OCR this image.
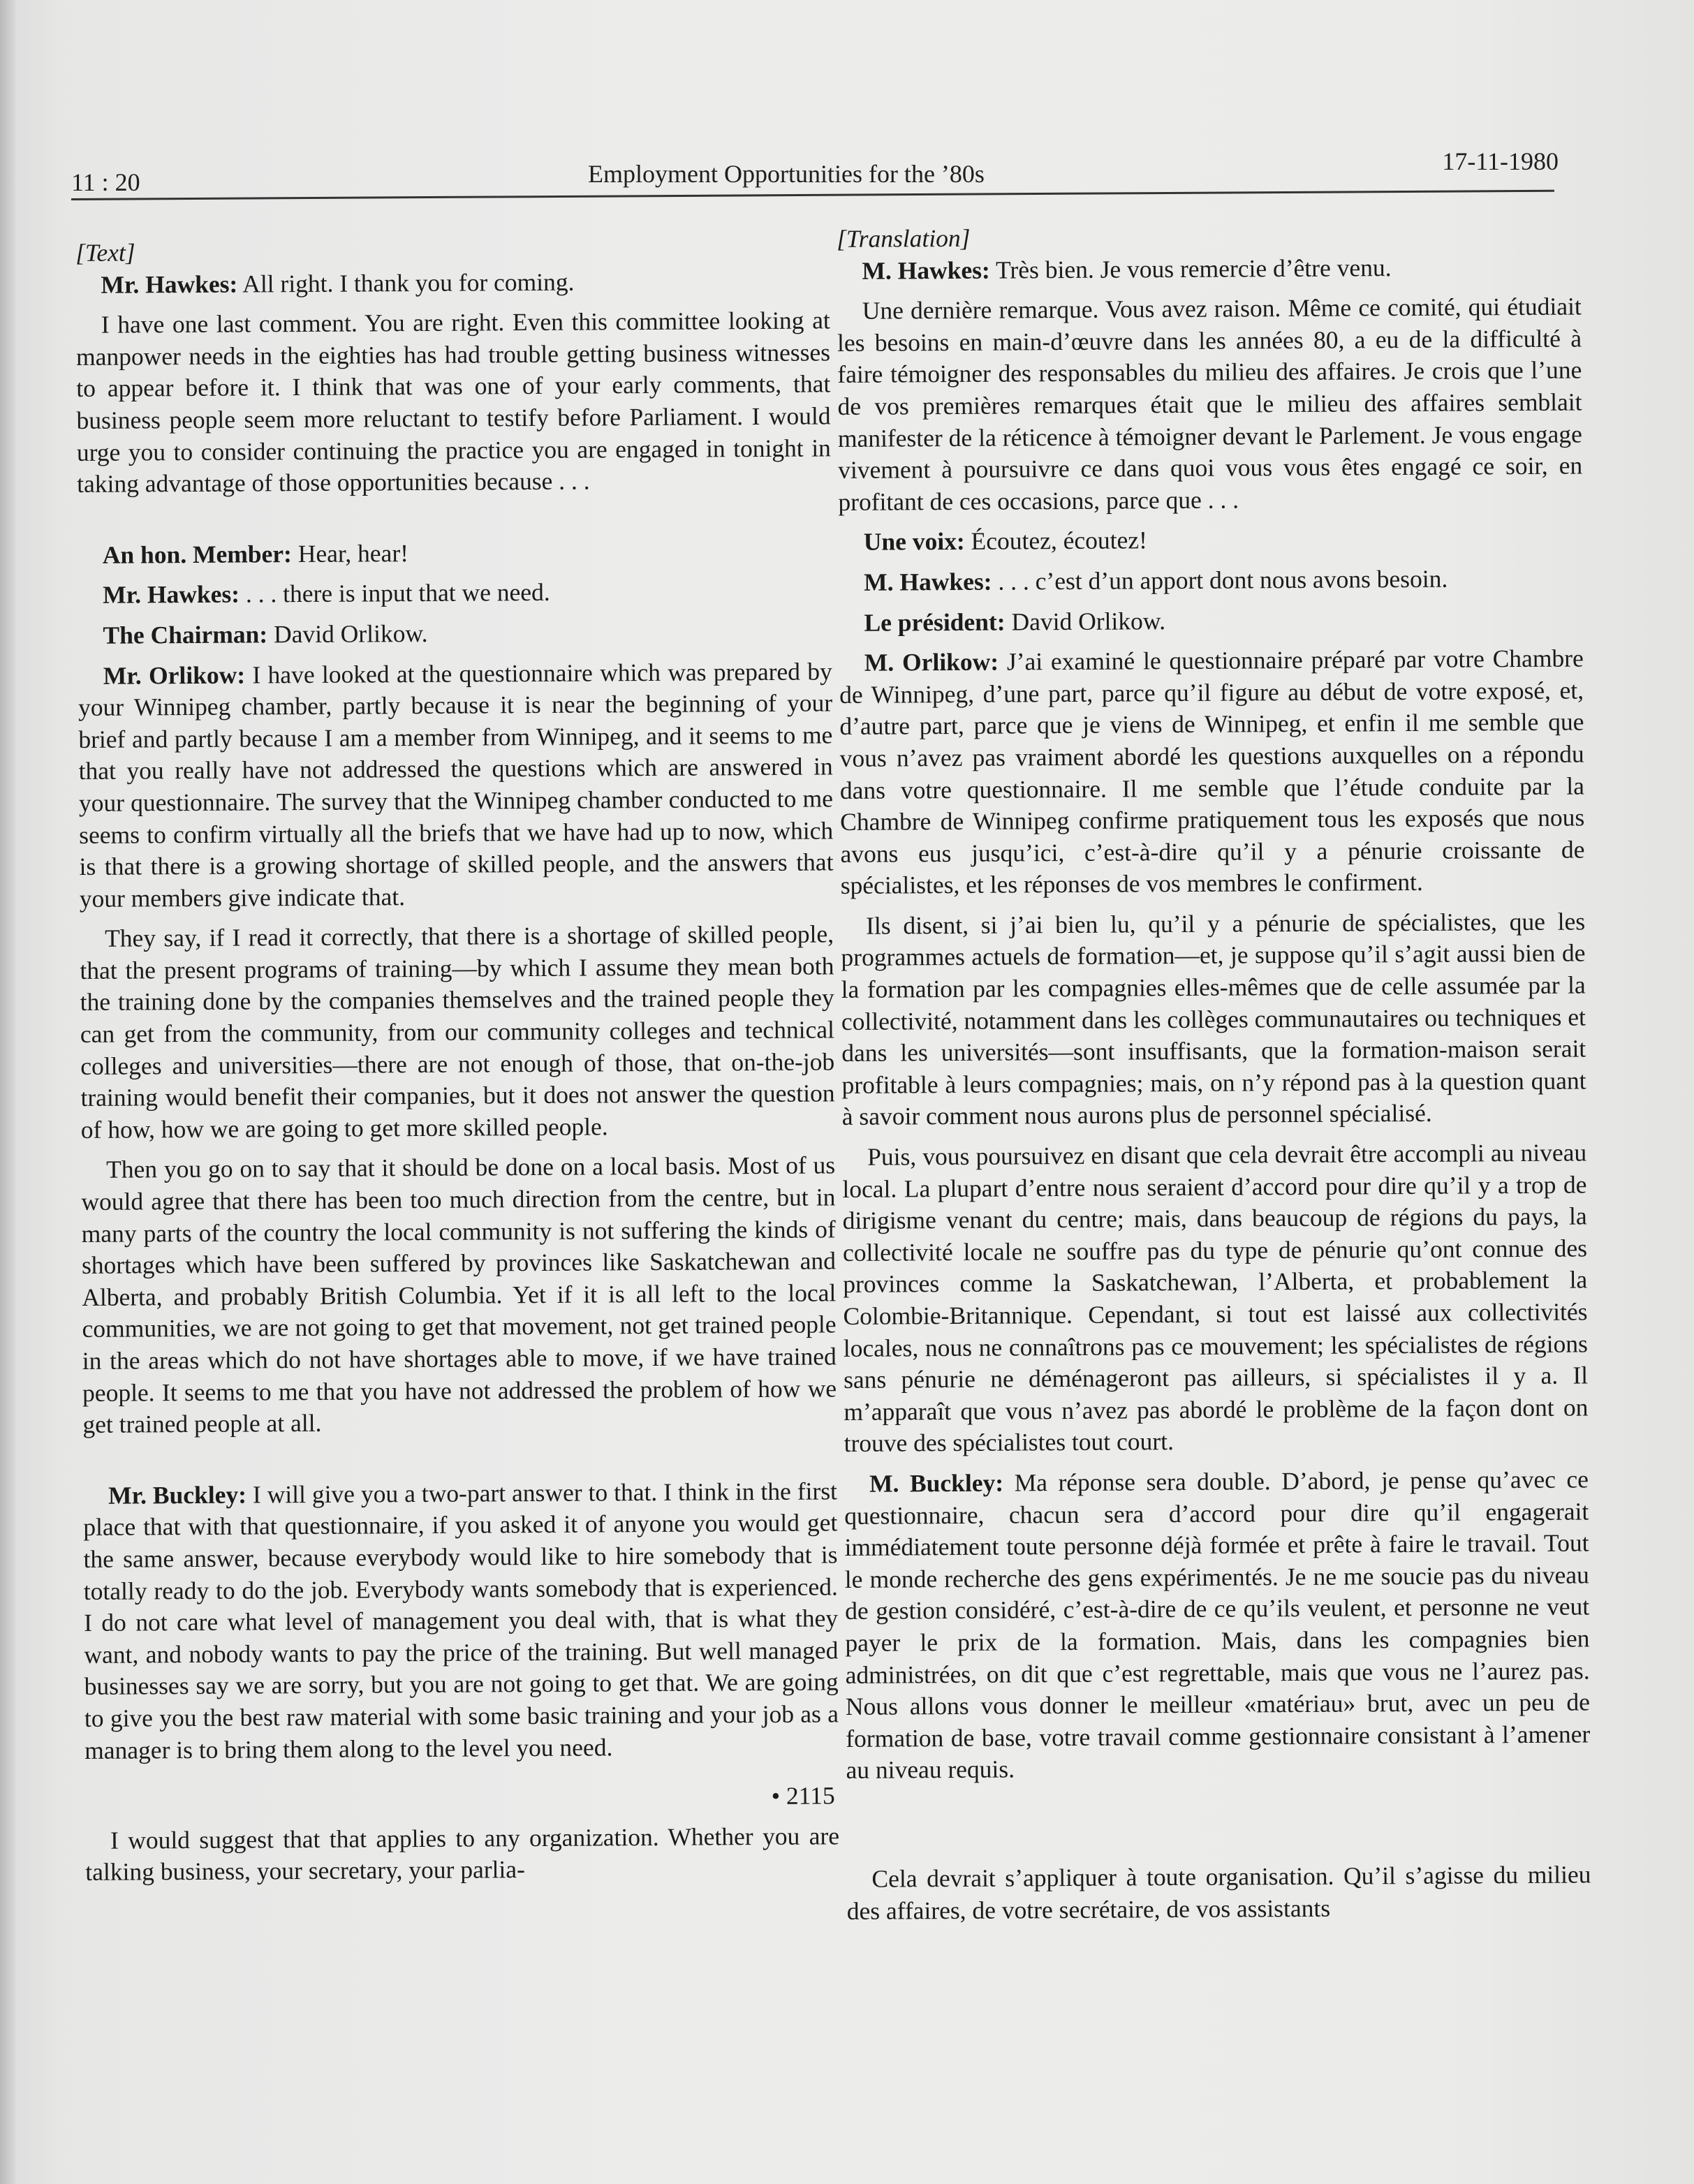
11 : 20	Employment Opportunities for the ’80s	17-11-1980

[Text]

Mr. Hawkes: All right. I thank you for coming.

I have one last comment. You are right. Even this committee looking at manpower needs in the eighties has had trouble getting business witnesses to appear before it. I think that was one of your early comments, that business people seem more reluctant to testify before Parliament. I would urge you to consider continuing the practice you are engaged in tonight in taking advantage of those opportunities because . . .

An hon. Member: Hear, hear!

Mr. Hawkes: . . . there is input that we need.

The Chairman: David Orlikow.

Mr. Orlikow: I have looked at the questionnaire which was prepared by your Winnipeg chamber, partly because it is near the beginning of your brief and partly because I am a member from Winnipeg, and it seems to me that you really have not addressed the questions which are answered in your questionnaire. The survey that the Winnipeg chamber conducted to me seems to confirm virtually all the briefs that we have had up to now, which is that there is a growing shortage of skilled people, and the answers that your members give indicate that.

They say, if I read it correctly, that there is a shortage of skilled people, that the present programs of training—by which I assume they mean both the training done by the companies themselves and the trained people they can get from the community, from our community colleges and technical colleges and universities—there are not enough of those, that on-the-job training would benefit their companies, but it does not answer the question of how, how we are going to get more skilled people.

Then you go on to say that it should be done on a local basis. Most of us would agree that there has been too much direction from the centre, but in many parts of the country the local community is not suffering the kinds of shortages which have been suffered by provinces like Saskatchewan and Alberta, and probably British Columbia. Yet if it is all left to the local communities, we are not going to get that movement, not get trained people in the areas which do not have shortages able to move, if we have trained people. It seems to me that you have not addressed the problem of how we get trained people at all.

Mr. Buckley: I will give you a two-part answer to that. I think in the first place that with that questionnaire, if you asked it of anyone you would get the same answer, because everybody would like to hire somebody that is totally ready to do the job. Everybody wants somebody that is experienced. I do not care what level of management you deal with, that is what they want, and nobody wants to pay the price of the training. But well managed businesses say we are sorry, but you are not going to get that. We are going to give you the best raw material with some basic training and your job as a manager is to bring them along to the level you need.

• 2115

I would suggest that that applies to any organization. Whether you are talking business, your secretary, your parlia-

[Translation]

M. Hawkes: Très bien. Je vous remercie d’être venu.

Une dernière remarque. Vous avez raison. Même ce comité, qui étudiait les besoins en main-d’œuvre dans les années 80, a eu de la difficulté à faire témoigner des responsables du milieu des affaires. Je crois que l’une de vos premières remarques était que le milieu des affaires semblait manifester de la réticence à témoigner devant le Parlement. Je vous engage vivement à poursuivre ce dans quoi vous vous êtes engagé ce soir, en profitant de ces occasions, parce que . . .

Une voix: Écoutez, écoutez!

M. Hawkes: . . . c’est d’un apport dont nous avons besoin.

Le président: David Orlikow.

M. Orlikow: J’ai examiné le questionnaire préparé par votre Chambre de Winnipeg, d’une part, parce qu’il figure au début de votre exposé, et, d’autre part, parce que je viens de Winnipeg, et enfin il me semble que vous n’avez pas vraiment abordé les questions auxquelles on a répondu dans votre questionnaire. Il me semble que l’étude conduite par la Chambre de Winnipeg confirme pratiquement tous les exposés que nous avons eus jusqu’ici, c’est-à-dire qu’il y a pénurie croissante de spécialistes, et les réponses de vos membres le confirment.

Ils disent, si j’ai bien lu, qu’il y a pénurie de spécialistes, que les programmes actuels de formation—et, je suppose qu’il s’agit aussi bien de la formation par les compagnies elles-mêmes que de celle assumée par la collectivité, notamment dans les collèges communautaires ou techniques et dans les universités—sont insuffisants, que la formation-maison serait profitable à leurs compagnies; mais, on n’y répond pas à la question quant à savoir comment nous aurons plus de personnel spécialisé.

Puis, vous poursuivez en disant que cela devrait être accompli au niveau local. La plupart d’entre nous seraient d’accord pour dire qu’il y a trop de dirigisme venant du centre; mais, dans beaucoup de régions du pays, la collectivité locale ne souffre pas du type de pénurie qu’ont connue des provinces comme la Saskatchewan, l’Alberta, et probablement la Colombie-Britannique. Cependant, si tout est laissé aux collectivités locales, nous ne connaîtrons pas ce mouvement; les spécialistes de régions sans pénurie ne déménageront pas ailleurs, si spécialistes il y a. Il m’apparaît que vous n’avez pas abordé le problème de la façon dont on trouve des spécialistes tout court.

M. Buckley: Ma réponse sera double. D’abord, je pense qu’avec ce questionnaire, chacun sera d’accord pour dire qu’il engagerait immédiatement toute personne déjà formée et prête à faire le travail. Tout le monde recherche des gens expérimentés. Je ne me soucie pas du niveau de gestion considéré, c’est-à-dire de ce qu’ils veulent, et personne ne veut payer le prix de la formation. Mais, dans les compagnies bien administrées, on dit que c’est regrettable, mais que vous ne l’aurez pas. Nous allons vous donner le meilleur «matériau» brut, avec un peu de formation de base, votre travail comme gestionnaire consistant à l’amener au niveau requis.

Cela devrait s’appliquer à toute organisation. Qu’il s’agisse du milieu des affaires, de votre secrétaire, de vos assistants
